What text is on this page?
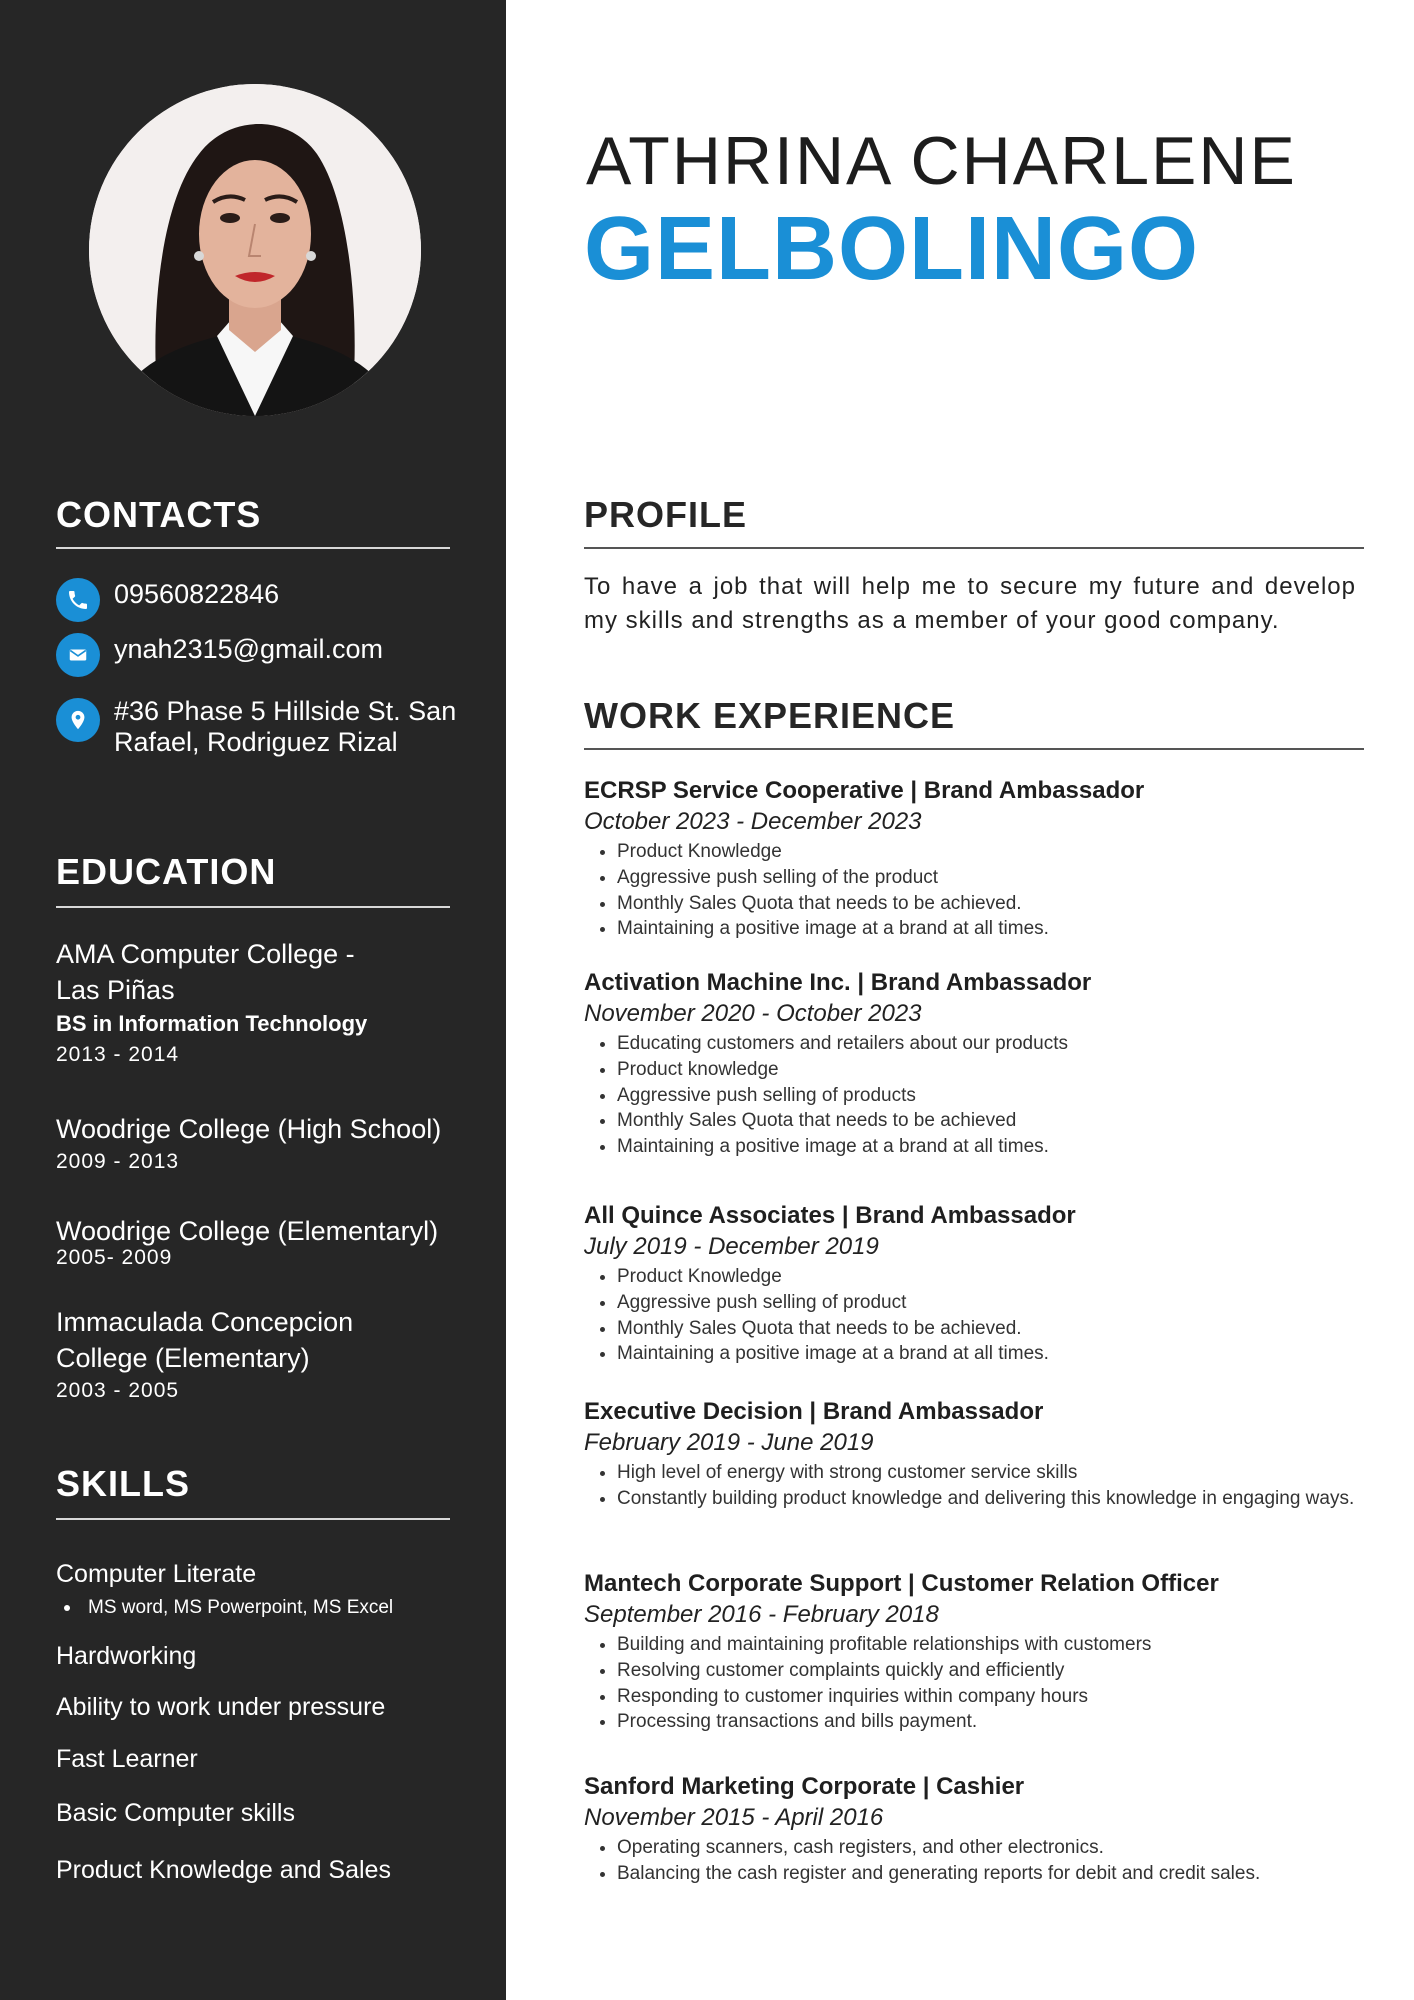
CONTACTS
09560822846
ynah2315@gmail.com
#36 Phase 5 Hillside St. San Rafael, Rodriguez Rizal
EDUCATION
AMA Computer College - Las Piñas
BS in Information Technology
2013 - 2014
Woodrige College (High School)
2009 - 2013
Woodrige College (Elementaryl)
2005- 2009
Immaculada Concepcion College (Elementary)
2003 - 2005
SKILLS
Computer Literate
MS word, MS Powerpoint, MS Excel
Hardworking
Ability to work under pressure
Fast Learner
Basic Computer skills
Product Knowledge and Sales
ATHRINA CHARLENE
GELBOLINGO
PROFILE
To have a job that will help me to secure my future and develop my skills and strengths as a member of your good company.
WORK EXPERIENCE
ECRSP Service Cooperative | Brand Ambassador
October 2023 - December 2023
• Product Knowledge
• Aggressive push selling of the product
• Monthly Sales Quota that needs to be achieved.
• Maintaining a positive image at a brand at all times.
Activation Machine Inc. | Brand Ambassador
November 2020 - October 2023
• Educating customers and retailers about our products
• Product knowledge
• Aggressive push selling of products
• Monthly Sales Quota that needs to be achieved
• Maintaining a positive image at a brand at all times.
All Quince Associates | Brand Ambassador
July 2019 - December 2019
• Product Knowledge
• Aggressive push selling of product
• Monthly Sales Quota that needs to be achieved.
• Maintaining a positive image at a brand at all times.
Executive Decision | Brand Ambassador
February 2019 - June 2019
• High level of energy with strong customer service skills
• Constantly building product knowledge and delivering this knowledge in engaging ways.
Mantech Corporate Support | Customer Relation Officer
September 2016 - February 2018
• Building and maintaining profitable relationships with customers
• Resolving customer complaints quickly and efficiently
• Responding to customer inquiries within company hours
• Processing transactions and bills payment.
Sanford Marketing Corporate | Cashier
November 2015 - April 2016
• Operating scanners, cash registers, and other electronics.
• Balancing the cash register and generating reports for debit and credit sales.
